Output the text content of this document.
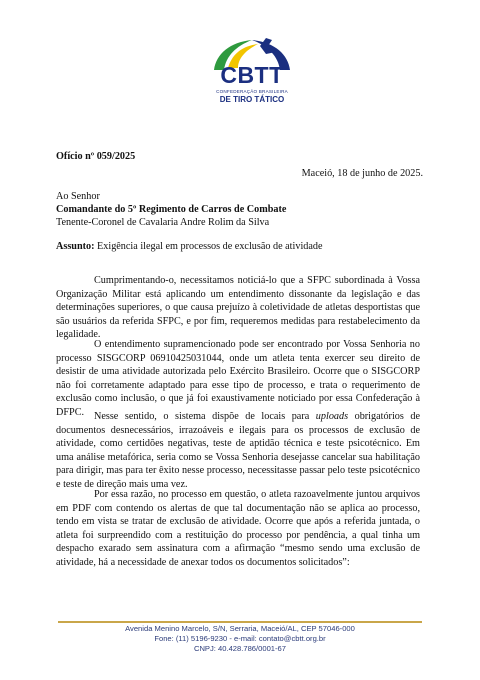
CBTT
CONFEDERAÇÃO BRASILEIRA
DE TIRO TÁTICO
Ofício nº 059/2025
Maceió, 18 de junho de 2025.
Ao Senhor
Comandante do 5º Regimento de Carros de Combate
Tenente-Coronel de Cavalaria Andre Rolim da Silva
Assunto: Exigência ilegal em processos de exclusão de atividade

Cumprimentando-o, necessitamos noticiá-lo que a SFPC subordinada à Vossa Organização Militar está aplicando um entendimento dissonante da legislação e das determinações superiores, o que causa prejuízo à coletividade de atletas desportistas que são usuários da referida SFPC, e por fim, requeremos medidas para restabelecimento da legalidade.

O entendimento supramencionado pode ser encontrado por Vossa Senhoria no processo SISGCORP 06910425031044, onde um atleta tenta exercer seu direito de desistir de uma atividade autorizada pelo Exército Brasileiro. Ocorre que o SISGCORP não foi corretamente adaptado para esse tipo de processo, e trata o requerimento de exclusão como inclusão, o que já foi exaustivamente noticiado por essa Confederação à DFPC. Nesse sentido, o sistema dispõe de locais para uploads obrigatórios de documentos desnecessários, irrazoáveis e ilegais para os processos de exclusão de atividade, como certidões negativas, teste de aptidão técnica e teste psicotécnico. Em uma análise metafórica, seria como se Vossa Senhoria desejasse cancelar sua habilitação para dirigir, mas para ter êxito nesse processo, necessitasse passar pelo teste psicotécnico e teste de direção mais uma vez.

Por essa razão, no processo em questão, o atleta razoavelmente juntou arquivos em PDF com contendo os alertas de que tal documentação não se aplica ao processo, tendo em vista se tratar de exclusão de atividade. Ocorre que após a referida juntada, o atleta foi surpreendido com a restituição do processo por pendência, a qual tinha um despacho exarado sem assinatura com a afirmação “mesmo sendo uma exclusão de atividade, há a necessidade de anexar todos os documentos solicitados”:

Avenida Menino Marcelo, S/N, Serraria, Maceió/AL, CEP 57046-000
Fone: (11) 5196-9230 - e-mail: contato@cbtt.org.br
CNPJ: 40.428.786/0001-67
